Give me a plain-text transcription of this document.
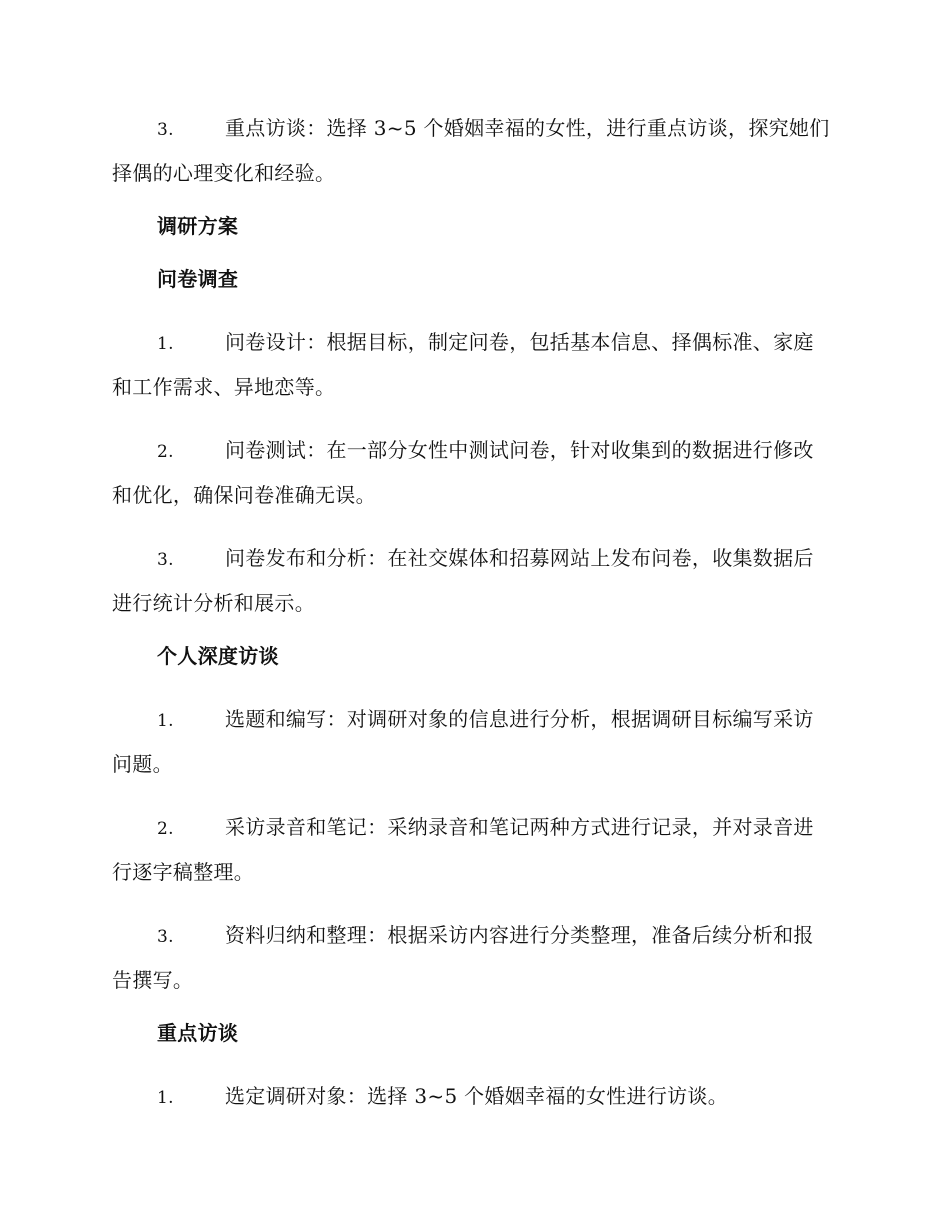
3.	重点访谈：选择 3~5 个婚姻幸福的女性，进行重点访谈，探究她们择偶的心理变化和经验。

调研方案
问卷调查

1.	问卷设计：根据目标，制定问卷，包括基本信息、择偶标准、家庭和工作需求、异地恋等。

2.	问卷测试：在一部分女性中测试问卷，针对收集到的数据进行修改和优化，确保问卷准确无误。

3.	问卷发布和分析：在社交媒体和招募网站上发布问卷，收集数据后进行统计分析和展示。

个人深度访谈

1.	选题和编写：对调研对象的信息进行分析，根据调研目标编写采访问题。

2.	采访录音和笔记：采纳录音和笔记两种方式进行记录，并对录音进行逐字稿整理。

3.	资料归纳和整理：根据采访内容进行分类整理，准备后续分析和报告撰写。

重点访谈

1.	选定调研对象：选择 3~5 个婚姻幸福的女性进行访谈。
